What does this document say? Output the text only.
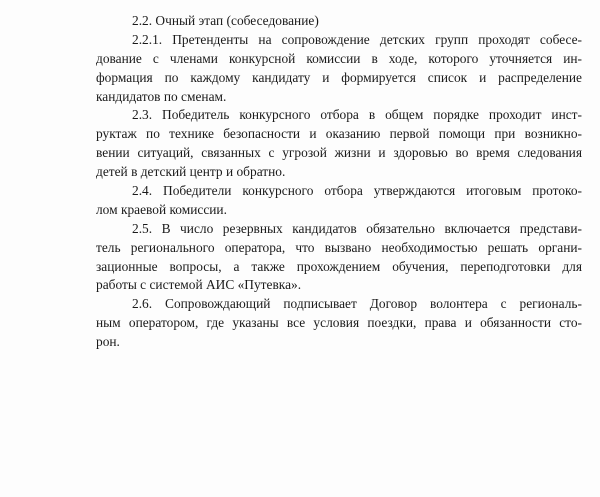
2.2. Очный этап (собеседование)
2.2.1. Претенденты на сопровождение детских групп проходят собесе-
дование с членами конкурсной комиссии в ходе, которого уточняется ин-
формация по каждому кандидату и формируется список и распределение
кандидатов по сменам.
2.3. Победитель конкурсного отбора в общем порядке проходит инст-
руктаж по технике безопасности и оказанию первой помощи при возникно-
вении ситуаций, связанных с угрозой жизни и здоровью во время следования
детей в детский центр и обратно.
2.4. Победители конкурсного отбора утверждаются итоговым протоко-
лом краевой комиссии.
2.5. В число резервных кандидатов обязательно включается представи-
тель регионального оператора, что вызвано необходимостью решать органи-
зационные вопросы, а также прохождением обучения, переподготовки для
работы с системой АИС «Путевка».
2.6. Сопровождающий подписывает Договор волонтера с региональ-
ным оператором, где указаны все условия поездки, права и обязанности сто-
рон.
